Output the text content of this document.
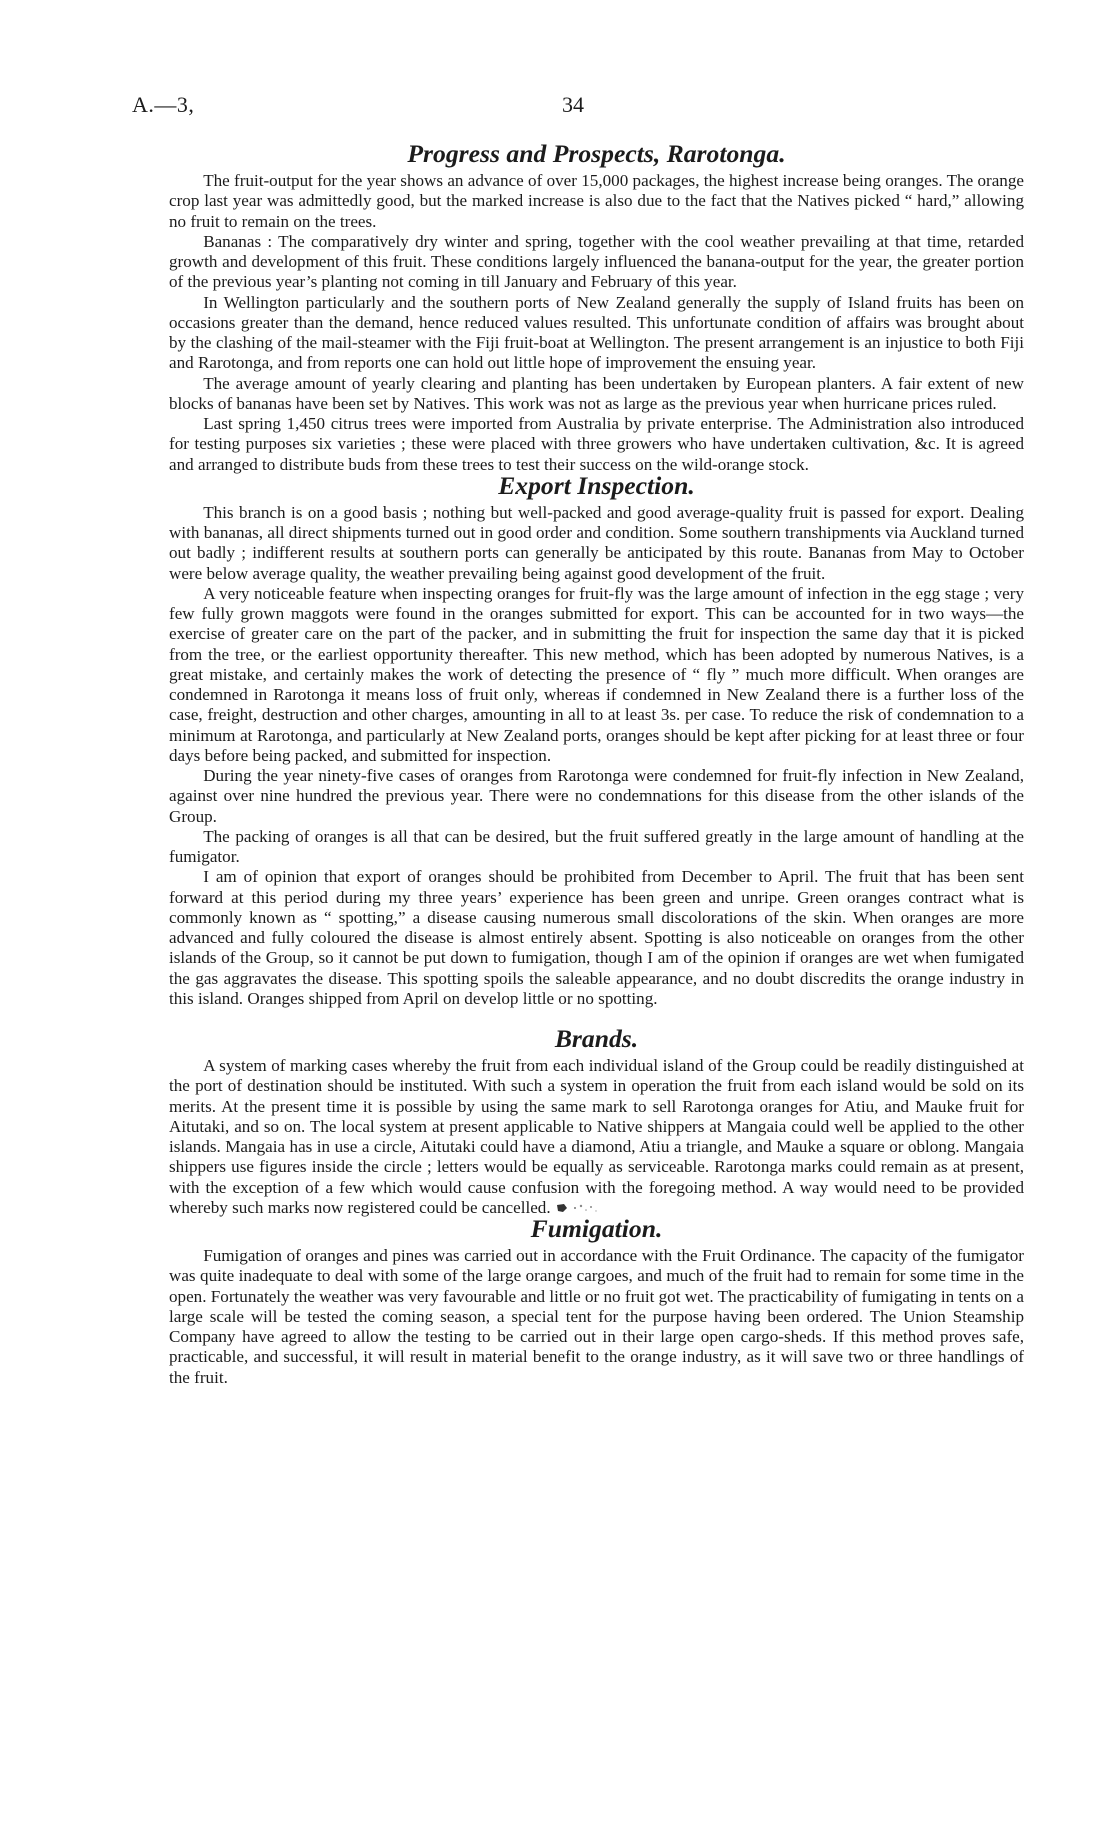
A.—3,	34
Progress and Prospects, Rarotonga.

The fruit-output for the year shows an advance of over 15,000 packages, the highest increase being oranges. The orange crop last year was admittedly good, but the marked increase is also due to the fact that the Natives picked “ hard,” allowing no fruit to remain on the trees.

Bananas : The comparatively dry winter and spring, together with the cool weather prevailing at that time, retarded growth and development of this fruit. These conditions largely influenced the banana-output for the year, the greater portion of the previous year’s planting not coming in till January and February of this year.

In Wellington particularly and the southern ports of New Zealand generally the supply of Island fruits has been on occasions greater than the demand, hence reduced values resulted. This unfortunate condition of affairs was brought about by the clashing of the mail-steamer with the Fiji fruit-boat at Wellington. The present arrangement is an injustice to both Fiji and Rarotonga, and from reports one can hold out little hope of improvement the ensuing year.

The average amount of yearly clearing and planting has been undertaken by European planters. A fair extent of new blocks of bananas have been set by Natives. This work was not as large as the previous year when hurricane prices ruled.

Last spring 1,450 citrus trees were imported from Australia by private enterprise. The Administration also introduced for testing purposes six varieties ; these were placed with three growers who have undertaken cultivation, &c. It is agreed and arranged to distribute buds from these trees to test their success on the wild-orange stock.

Export Inspection.

This branch is on a good basis ; nothing but well-packed and good average-quality fruit is passed for export. Dealing with bananas, all direct shipments turned out in good order and condition. Some southern transhipments via Auckland turned out badly ; indifferent results at southern ports can generally be anticipated by this route. Bananas from May to October were below average quality, the weather prevailing being against good development of the fruit.

A very noticeable feature when inspecting oranges for fruit-fly was the large amount of infection in the egg stage ; very few fully grown maggots were found in the oranges submitted for export. This can be accounted for in two ways—the exercise of greater care on the part of the packer, and in submitting the fruit for inspection the same day that it is picked from the tree, or the earliest opportunity thereafter. This new method, which has been adopted by numerous Natives, is a great mistake, and certainly makes the work of detecting the presence of “ fly ” much more difficult. When oranges are condemned in Rarotonga it means loss of fruit only, whereas if condemned in New Zealand there is a further loss of the case, freight, destruction and other charges, amounting in all to at least 3s. per case. To reduce the risk of condemnation to a minimum at Rarotonga, and particularly at New Zealand ports, oranges should be kept after picking for at least three or four days before being packed, and submitted for inspection.

During the year ninety-five cases of oranges from Rarotonga were condemned for fruit-fly infection in New Zealand, against over nine hundred the previous year. There were no condemnations for this disease from the other islands of the Group.

The packing of oranges is all that can be desired, but the fruit suffered greatly in the large amount of handling at the fumigator.

I am of opinion that export of oranges should be prohibited from December to April. The fruit that has been sent forward at this period during my three years’ experience has been green and unripe. Green oranges contract what is commonly known as “ spotting,” a disease causing numerous small discolorations of the skin. When oranges are more advanced and fully coloured the disease is almost entirely absent. Spotting is also noticeable on oranges from the other islands of the Group, so it cannot be put down to fumigation, though I am of the opinion if oranges are wet when fumigated the gas aggravates the disease. This spotting spoils the saleable appearance, and no doubt discredits the orange industry in this island. Oranges shipped from April on develop little or no spotting.

Brands.

A system of marking cases whereby the fruit from each individual island of the Group could be readily distinguished at the port of destination should be instituted. With such a system in operation the fruit from each island would be sold on its merits. At the present time it is possible by using the same mark to sell Rarotonga oranges for Atiu, and Mauke fruit for Aitutaki, and so on. The local system at present applicable to Native shippers at Mangaia could well be applied to the other islands. Mangaia has in use a circle, Aitutaki could have a diamond, Atiu a triangle, and Mauke a square or oblong. Mangaia shippers use figures inside the circle ; letters would be equally as serviceable. Rarotonga marks could remain as at present, with the exception of a few which would cause confusion with the foregoing method. A way would need to be provided whereby such marks now registered could be cancelled.

Fumigation.

Fumigation of oranges and pines was carried out in accordance with the Fruit Ordinance. The capacity of the fumigator was quite inadequate to deal with some of the large orange cargoes, and much of the fruit had to remain for some time in the open. Fortunately the weather was very favourable and little or no fruit got wet. The practicability of fumigating in tents on a large scale will be tested the coming season, a special tent for the purpose having been ordered. The Union Steamship Company have agreed to allow the testing to be carried out in their large open cargo-sheds. If this method proves safe, practicable, and successful, it will result in material benefit to the orange industry, as it will save two or three handlings of the fruit.
